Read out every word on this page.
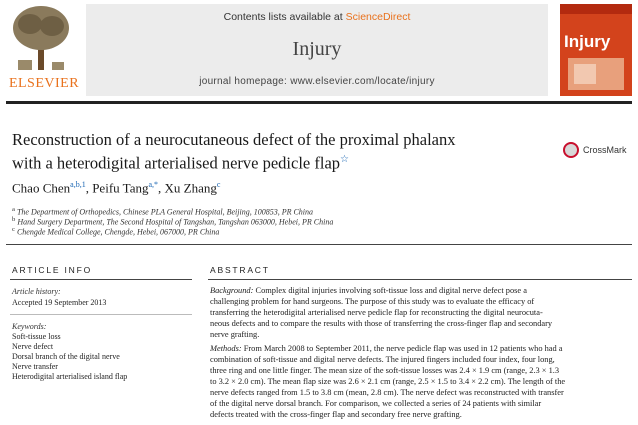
ELSEVIER
Contents lists available at ScienceDirect
Injury
journal homepage: www.elsevier.com/locate/injury
Injury
Reconstruction of a neurocutaneous defect of the proximal phalanx
with a heterodigital arterialised nerve pedicle flap☆
CrossMark
Chao Chen$^{a,b,1}$, Peifu Tang$^{a,*}$, Xu Zhang$^c$
$^a$ The Department of Orthopedics, Chinese PLA General Hospital, Beijing, 100853, PR China
$^b$ Hand Surgery Department, The Second Hospital of Tangshan, Tangshan 063000, Hebei, PR China
$^c$ Chengde Medical College, Chengde, Hebei, 067000, PR China
ARTICLE INFO
Article history:
Accepted 19 September 2013
Keywords:
Soft-tissue loss
Nerve defect
Dorsal branch of the digital nerve
Nerve transfer
Heterodigital arterialised island flap
ABSTRACT
Background: Complex digital injuries involving soft-tissue loss and digital nerve defect pose a
challenging problem for hand surgeons. The purpose of this study was to evaluate the efficacy of
transferring the heterodigital arterialised nerve pedicle flap for reconstructing the digital neurocuta-
neous defects and to compare the results with those of transferring the cross-finger flap and secondary
nerve grafting.
Methods: From March 2008 to September 2011, the nerve pedicle flap was used in 12 patients who had a
combination of soft-tissue and digital nerve defects. The injured fingers included four index, four long,
three ring and one little finger. The mean size of the soft-tissue losses was 2.4 × 1.9 cm (range, 2.3 × 1.3
to 3.2 × 2.0 cm). The mean flap size was 2.6 × 2.1 cm (range, 2.5 × 1.5 to 3.4 × 2.2 cm). The length of the
nerve defects ranged from 1.5 to 3.8 cm (mean, 2.8 cm). The nerve defect was reconstructed with transfer
of the digital nerve dorsal branch. For comparison, we collected a series of 24 patients with similar
defects treated with the cross-finger flap and secondary free nerve grafting.
